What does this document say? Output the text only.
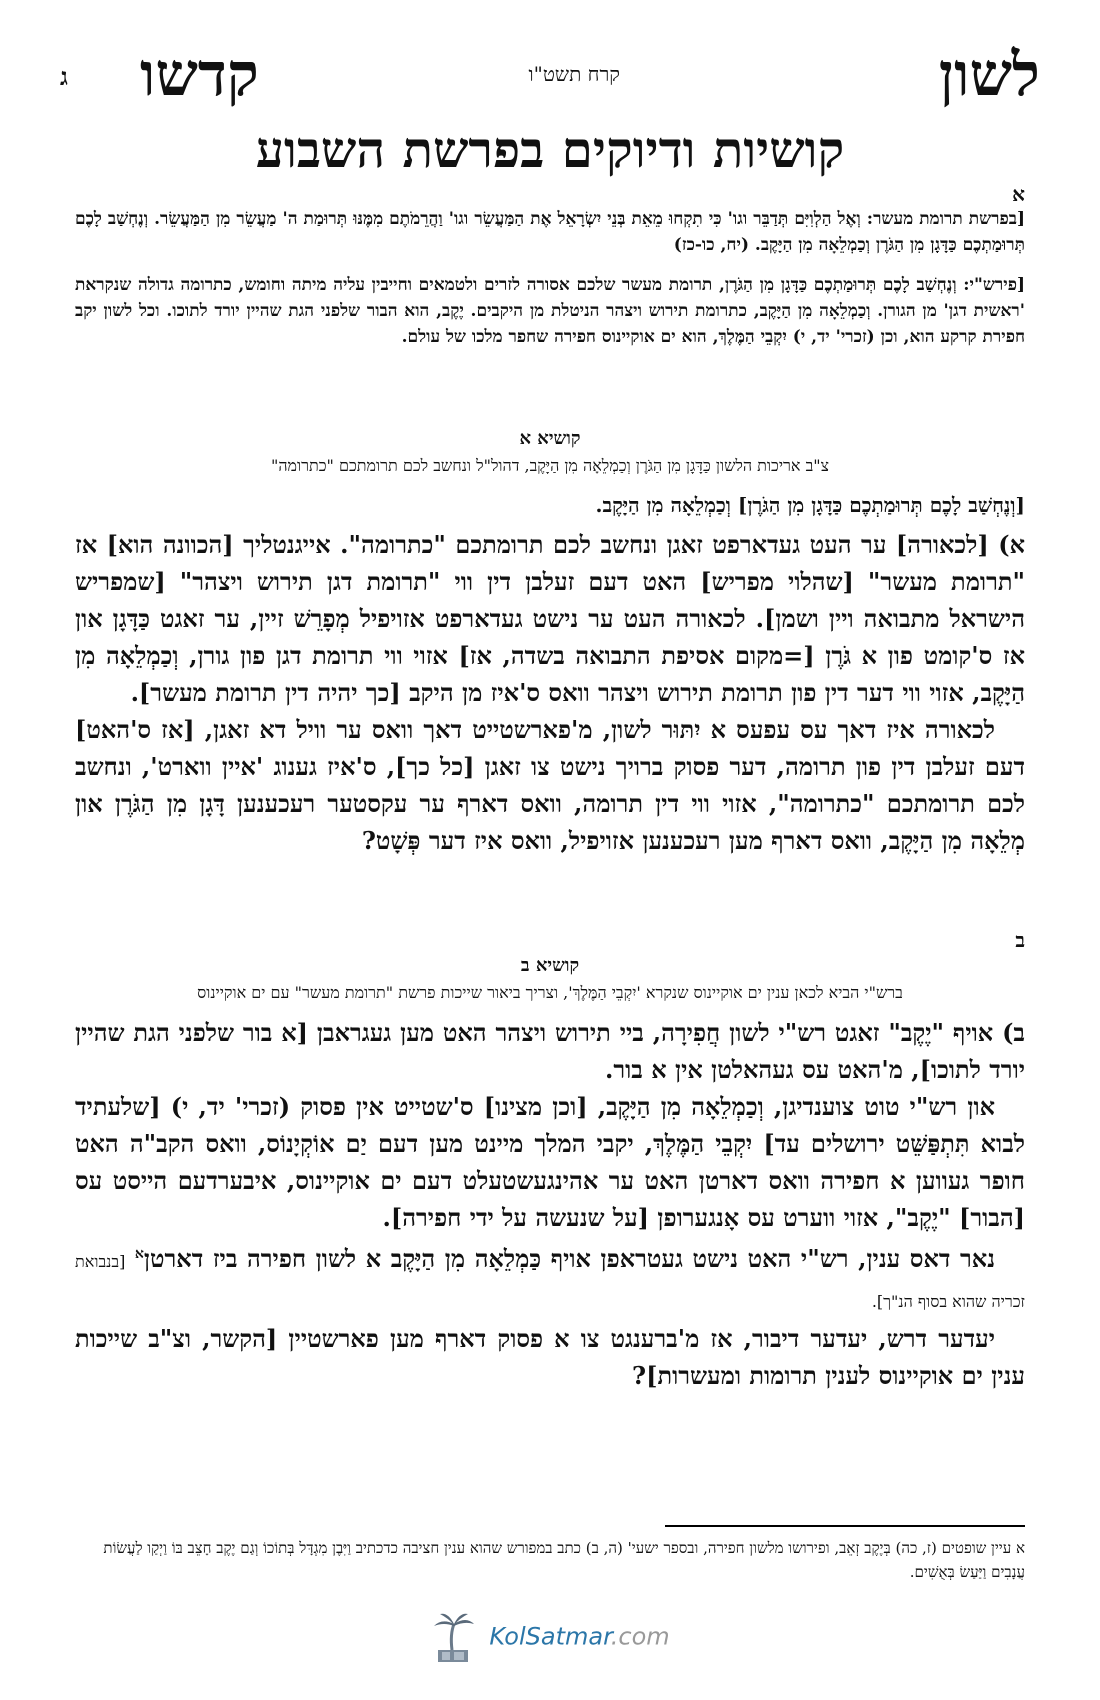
לשון
קרח תשט"ו
קדשו
ג
קושיות ודיוקים בפרשת השבוע
א

[בפרשת תרומת מעשר: וְאֶל הַלְוִיִּם תְּדַבֵּר וגו' כִּי תִקְחוּ מֵאֵת בְּנֵי יִשְׂרָאֵל אֶת הַמַּעֲשֵׂר וגו' וַהֲרֵמֹתֶם מִמֶּנּוּ תְּרוּמַת ה' מַעֲשֵׂר מִן הַמַּעֲשֵׂר. וְנֶחְשַׁב לָכֶם תְּרוּמַתְכֶם כַּדָּגָן מִן הַגֹּרֶן וְכַמְלֵאָה מִן הַיָּקֶב. (יח, כו-כז)

[פירש"י: וְנֶחְשַׁב לָכֶם תְּרוּמַתְכֶם כַּדָּגָן מִן הַגֹּרֶן, תרומת מעשר שלכם אסורה לזרים ולטמאים וחייבין עליה מיתה וחומש, כתרומה גדולה שנקראת 'ראשית דגן' מן הגורן. וְכַמְלֵאָה מִן הַיָּקֶב, כתרומת תירוש ויצהר הניטלת מן היקבים. יֶקֶב, הוא הבור שלפני הגת שהיין יורד לתוכו. וכל לשון יקב חפירת קרקע הוא, וכן (זכרי' יד, י) יִקְבֵי הַמֶּלֶךְ, הוא ים אוקיינוס חפירה שחפר מלכו של עולם.

קושיא א

צ"ב אריכות הלשון כַּדָּגָן מִן הַגֹּרֶן וְכַמְלֵאָה מִן הַיָּקֶב, דהול"ל ונחשב לכם תרומתכם "כתרומה"

[וְנֶחְשַׁב לָכֶם תְּרוּמַתְכֶם כַּדָּגָן מִן הַגֹּרֶן] וְכַמְלֵאָה מִן הַיָּקֶב.

א) [לכאורה] ער העט געדארפט זאגן ונחשב לכם תרומתכם "כתרומה". אייגנטליך [הכוונה הוא] אז "תרומת מעשר" [שהלוי מפריש] האט דעם זעלבן דין ווי "תרומת דגן תירוש ויצהר" [שמפריש הישראל מתבואה ויין ושמן]. לכאורה העט ער נישט געדארפט אזויפיל מְפָרֵשׁ זיין, ער זאגט כַּדָּגָן און אז ס'קומט פון א גֹּרֶן [=מקום אסיפת התבואה בשדה, אז] אזוי ווי תרומת דגן פון גורן, וְכַמְלֵאָה מִן הַיָּקֶב, אזוי ווי דער דין פון תרומת תירוש ויצהר וואס ס'איז מן היקב [כך יהיה דין תרומת מעשר].

לכאורה איז דאך עס עפעס א יִתּוּר לשון, מ'פארשטייט דאך וואס ער וויל דא זאגן, [אז ס'האט] דעם זעלבן דין פון תרומה, דער פסוק ברויך נישט צו זאגן [כל כך], ס'איז גענוג 'איין ווארט', ונחשב לכם תרומתכם "כתרומה", אזוי ווי דין תרומה, וואס דארף ער עקסטער רעכענען דָּגָן מִן הַגֹּרֶן און מְלֵאָה מִן הַיָּקֶב, וואס דארף מען רעכענען אזויפיל, וואס איז דער פְּשָׁט?

ב

קושיא ב

ברש"י הביא לכאן ענין ים אוקיינוס שנקרא 'יִקְבֵי הַמֶּלֶךְ', וצריך ביאור שייכות פרשת "תרומת מעשר" עם ים אוקיינוס

ב) אויף "יֶקֶב" זאגט רש"י לשון חֲפִירָה, ביי תירוש ויצהר האט מען געגראבן [א בור שלפני הגת שהיין יורד לתוכו], מ'האט עס געהאלטן אין א בור.

און רש"י טוט צוענדיגן, וְכַמְלֵאָה מִן הַיָּקֶב, [וכן מצינו] ס'שטייט אין פסוק (זכרי' יד, י) [שלעתיד לבוא תִּתְפַּשֵּׁט ירושלים עד] יִקְבֵי הַמֶּלֶךְ, יקבי המלך מיינט מען דעם יַם אוֹקְיָנוֹס, וואס הקב"ה האט חופר געווען א חפירה וואס דארטן האט ער אהינגעשטעלט דעם ים אוקיינוס, איבערדעם הייסט עס [הבור] "יֶקֶב", אזוי ווערט עס אָנגערופן [על שנעשה על ידי חפירה].

נאר דאס ענין, רש"י האט נישט געטראפן אויף כַּמְלֵאָה מִן הַיָּקֶב א לשון חפירה ביז דארטן$^א$ [בנבואת זכריה שהוא בסוף הנ"ך].

יעדער דרש, יעדער דיבור, אז מ'ברענגט צו א פסוק דארף מען פארשטיין [הקשר, וצ"ב שייכות ענין ים אוקיינוס לענין תרומות ומעשרות]?

א עיין שופטים (ז, כה) בְּיֶקֶב זְאֵב, ופירושו מלשון חפירה, ובספר ישעי' (ה, ב) כתב במפורש שהוא ענין חציבה כדכתיב וַיִּבֶן מִגְדָּל בְּתוֹכוֹ וְגַם יֶקֶב חָצֵב בּוֹ וַיְקַו לַעֲשׂוֹת עֲנָבִים וַיַּעַשׂ בְּאֻשִׁים.
KolSatmar.com
